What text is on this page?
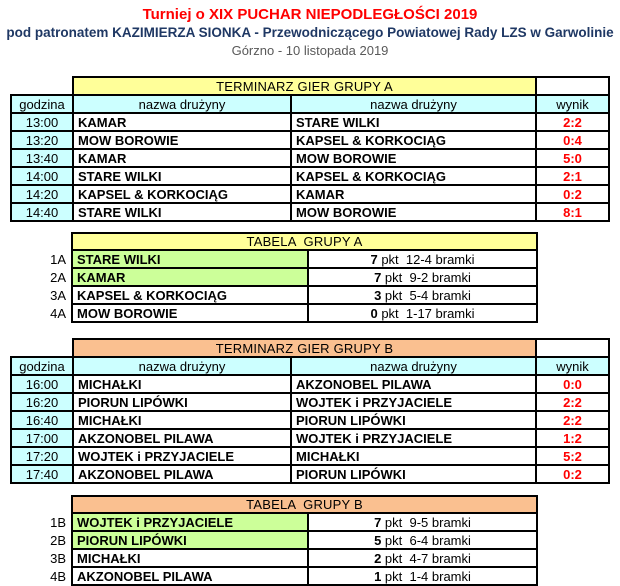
Turniej o XIX PUCHAR NIEPODLEGŁOŚCI 2019
pod patronatem KAZIMIERZA SIONKA - Przewodniczącego Powiatowej Rady LZS w Garwolinie
Górzno - 10 listopada 2019
	TERMINARZ GIER GRUPY A		
godzina	nazwa drużyny	nazwa drużyny	wynik
13:00	KAMAR	STARE WILKI	2:2
13:20	MOW BOROWIE	KAPSEL & KORKOCIĄG	0:4
13:40	KAMAR	MOW BOROWIE	5:0
14:00	STARE WILKI	KAPSEL & KORKOCIĄG	2:1
14:20	KAPSEL & KORKOCIĄG	KAMAR	0:2
14:40	STARE WILKI	MOW BOROWIE	8:1
	TABELA  GRUPY A	
1A	STARE WILKI	7 pkt  12-4 bramki
2A	KAMAR	7 pkt  9-2 bramki
3A	KAPSEL & KORKOCIĄG	3 pkt  5-4 bramki
4A	MOW BOROWIE	0 pkt  1-17 bramki
	TERMINARZ GIER GRUPY B		
godzina	nazwa drużyny	nazwa drużyny	wynik
16:00	MICHAŁKI	AKZONOBEL PILAWA	0:0
16:20	PIORUN LIPÓWKI	WOJTEK i PRZYJACIELE	2:2
16:40	MICHAŁKI	PIORUN LIPÓWKI	2:2
17:00	AKZONOBEL PILAWA	WOJTEK i PRZYJACIELE	1:2
17:20	WOJTEK i PRZYJACIELE	MICHAŁKI	5:2
17:40	AKZONOBEL PILAWA	PIORUN LIPÓWKI	0:2
	TABELA  GRUPY B	
1B	WOJTEK i PRZYJACIELE	7 pkt  9-5 bramki
2B	PIORUN LIPÓWKI	5 pkt  6-4 bramki
3B	MICHAŁKI	2 pkt  4-7 bramki
4B	AKZONOBEL PILAWA	1 pkt  1-4 bramki
